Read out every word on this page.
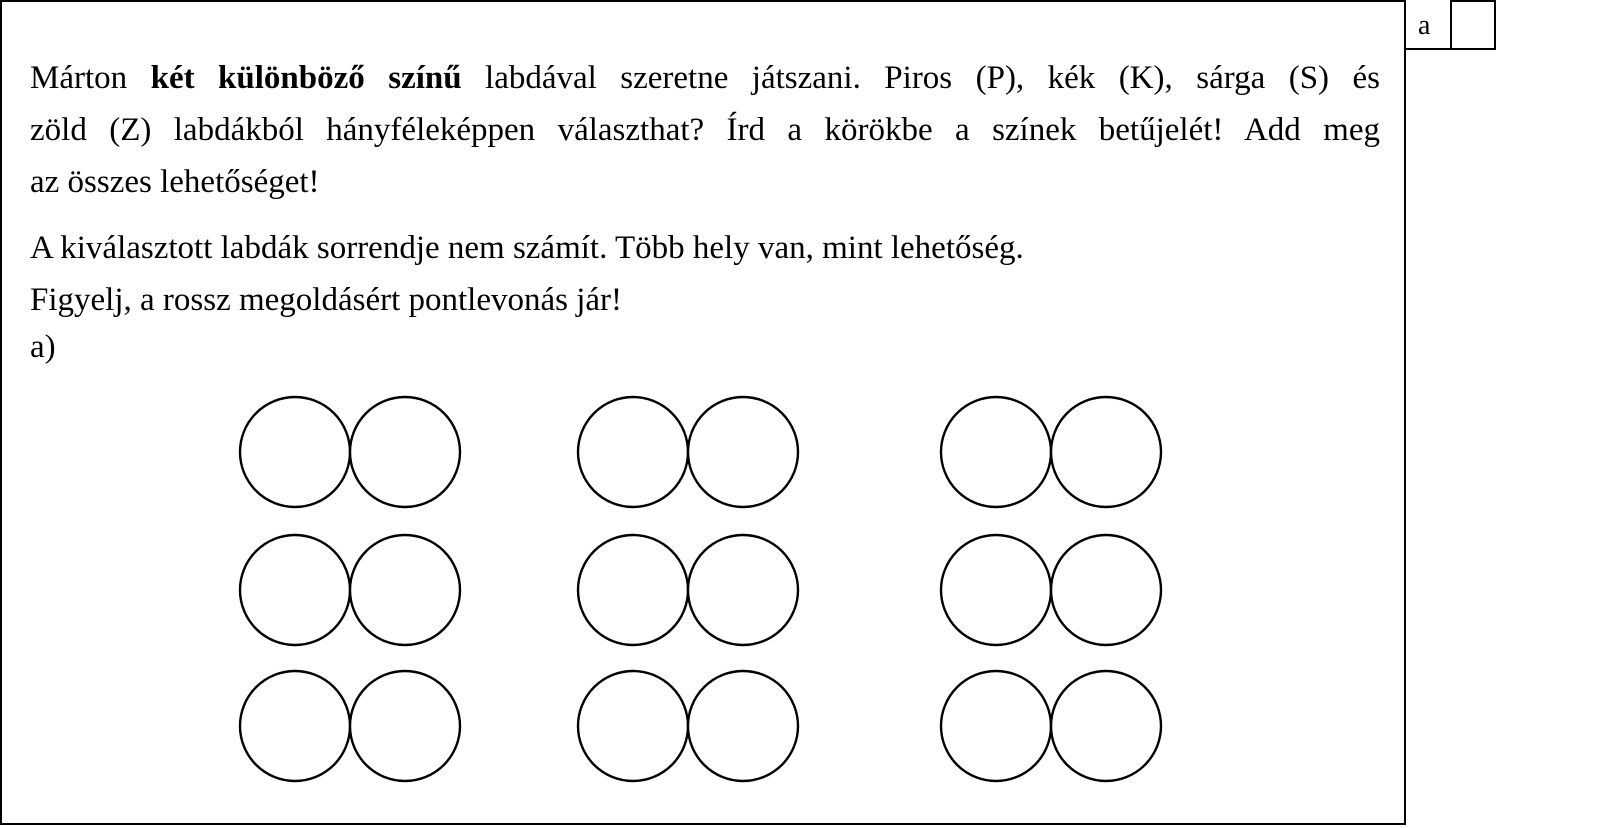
a

Márton két különböző színű labdával szeretne játszani. Piros (P), kék (K), sárga (S) és

zöld (Z) labdákból hányféleképpen választhat? Írd a körökbe a színek betűjelét! Add meg

az összes lehetőséget!

A kiválasztott labdák sorrendje nem számít. Több hely van, mint lehetőség.

Figyelj, a rossz megoldásért pontlevonás jár!

a)
